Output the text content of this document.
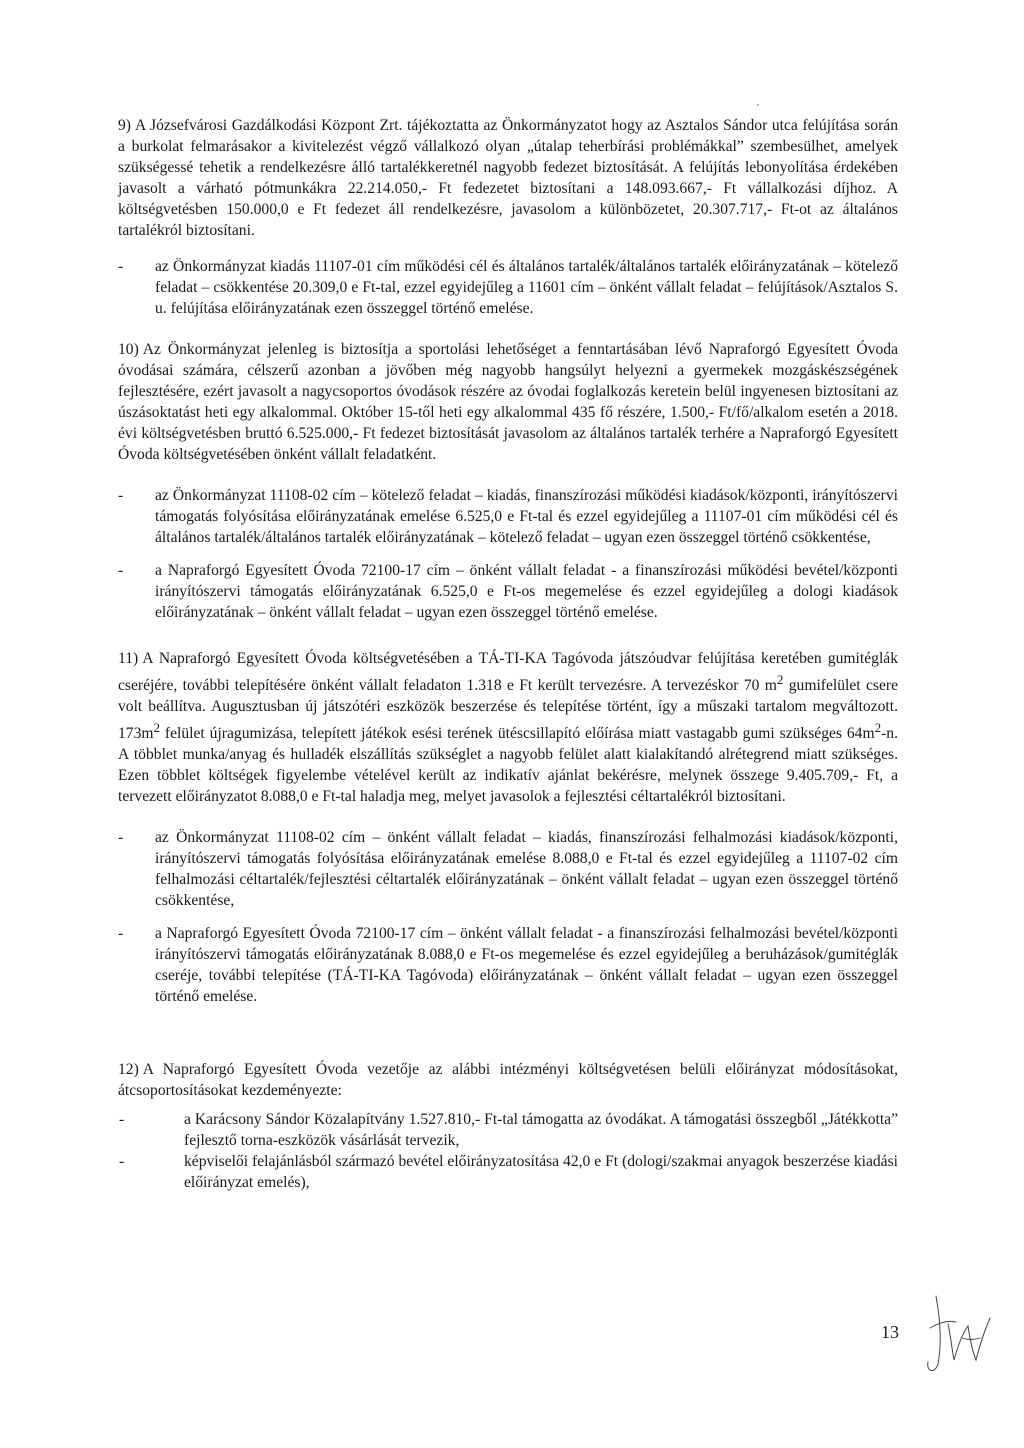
9) A Józsefvárosi Gazdálkodási Központ Zrt. tájékoztatta az Önkormányzatot hogy az Asztalos Sándor utca felújítása során a burkolat felmarásakor a kivitelezést végző vállalkozó olyan „útalap teherbírási problémákkal” szembesülhet, amelyek szükségessé tehetik a rendelkezésre álló tartalékkeretnél nagyobb fedezet biztosítását. A felújítás lebonyolítása érdekében javasolt a várható pótmunkákra 22.214.050,- Ft fedezetet biztosítani a 148.093.667,- Ft vállalkozási díjhoz. A költségvetésben 150.000,0 e Ft fedezet áll rendelkezésre, javasolom a különbözetet, 20.307.717,- Ft-ot az általános tartalékról biztosítani.

- az Önkormányzat kiadás 11107-01 cím működési cél és általános tartalék/általános tartalék előirányzatának – kötelező feladat – csökkentése 20.309,0 e Ft-tal, ezzel egyidejűleg a 11601 cím – önként vállalt feladat – felújítások/Asztalos S. u. felújítása előirányzatának ezen összeggel történő emelése.

10) Az Önkormányzat jelenleg is biztosítja a sportolási lehetőséget a fenntartásában lévő Napraforgó Egyesített Óvoda óvodásai számára, célszerű azonban a jövőben még nagyobb hangsúlyt helyezni a gyermekek mozgáskészségének fejlesztésére, ezért javasolt a nagycsoportos óvodások részére az óvodai foglalkozás keretein belül ingyenesen biztosítani az úszásoktatást heti egy alkalommal. Október 15-től heti egy alkalommal 435 fő részére, 1.500,- Ft/fő/alkalom esetén a 2018. évi költségvetésben bruttó 6.525.000,- Ft fedezet biztosítását javasolom az általános tartalék terhére a Napraforgó Egyesített Óvoda költségvetésében önként vállalt feladatként.

- az Önkormányzat 11108-02 cím – kötelező feladat – kiadás, finanszírozási működési kiadások/központi, irányítószervi támogatás folyósítása előirányzatának emelése 6.525,0 e Ft-tal és ezzel egyidejűleg a 11107-01 cím működési cél és általános tartalék/általános tartalék előirányzatának – kötelező feladat – ugyan ezen összeggel történő csökkentése,
- a Napraforgó Egyesített Óvoda 72100-17 cím – önként vállalt feladat - a finanszírozási működési bevétel/központi irányítószervi támogatás előirányzatának 6.525,0 e Ft-os megemelése és ezzel egyidejűleg a dologi kiadások előirányzatának – önként vállalt feladat – ugyan ezen összeggel történő emelése.

11) A Napraforgó Egyesített Óvoda költségvetésében a TÁ-TI-KA Tagóvoda játszóudvar felújítása keretében gumitéglák cseréjére, további telepítésére önként vállalt feladaton 1.318 e Ft került tervezésre. A tervezéskor 70 $m^2$ gumifelület csere volt beállítva. Augusztusban új játszótéri eszközök beszerzése és telepítése történt, így a műszaki tartalom megváltozott. $173m^2$ felület újragumizása, telepített játékok esési terének ütéscsillapító előírása miatt vastagabb gumi szükséges $64m^2-n$. A többlet munka/anyag és hulladék elszállítás szükséglet a nagyobb felület alatt kialakítandó alrétegrend miatt szükséges. Ezen többlet költségek figyelembe vételével került az indikatív ajánlat bekérésre, melynek összege 9.405.709,- Ft, a tervezett előirányzatot 8.088,0 e Ft-tal haladja meg, melyet javasolok a fejlesztési céltartalékról biztosítani.

- az Önkormányzat 11108-02 cím – önként vállalt feladat – kiadás, finanszírozási felhalmozási kiadások/központi, irányítószervi támogatás folyósítása előirányzatának emelése 8.088,0 e Ft-tal és ezzel egyidejűleg a 11107-02 cím felhalmozási céltartalék/fejlesztési céltartalék előirányzatának – önként vállalt feladat – ugyan ezen összeggel történő csökkentése,
- a Napraforgó Egyesített Óvoda 72100-17 cím – önként vállalt feladat - a finanszírozási felhalmozási bevétel/központi irányítószervi támogatás előirányzatának 8.088,0 e Ft-os megemelése és ezzel egyidejűleg a beruházások/gumitéglák cseréje, további telepítése (TÁ-TI-KA Tagóvoda) előirányzatának – önként vállalt feladat – ugyan ezen összeggel történő emelése.

12) A Napraforgó Egyesített Óvoda vezetője az alábbi intézményi költségvetésen belüli előirányzat módosításokat, átcsoportosításokat kezdeményezte:

- a Karácsony Sándor Közalapítvány 1.527.810,- Ft-tal támogatta az óvodákat. A támogatási összegből „Játékkotta” fejlesztő torna-eszközök vásárlását tervezik,
- képviselői felajánlásból származó bevétel előirányzatosítása 42,0 e Ft (dologi/szakmai anyagok beszerzése kiadási előirányzat emelés),
13
